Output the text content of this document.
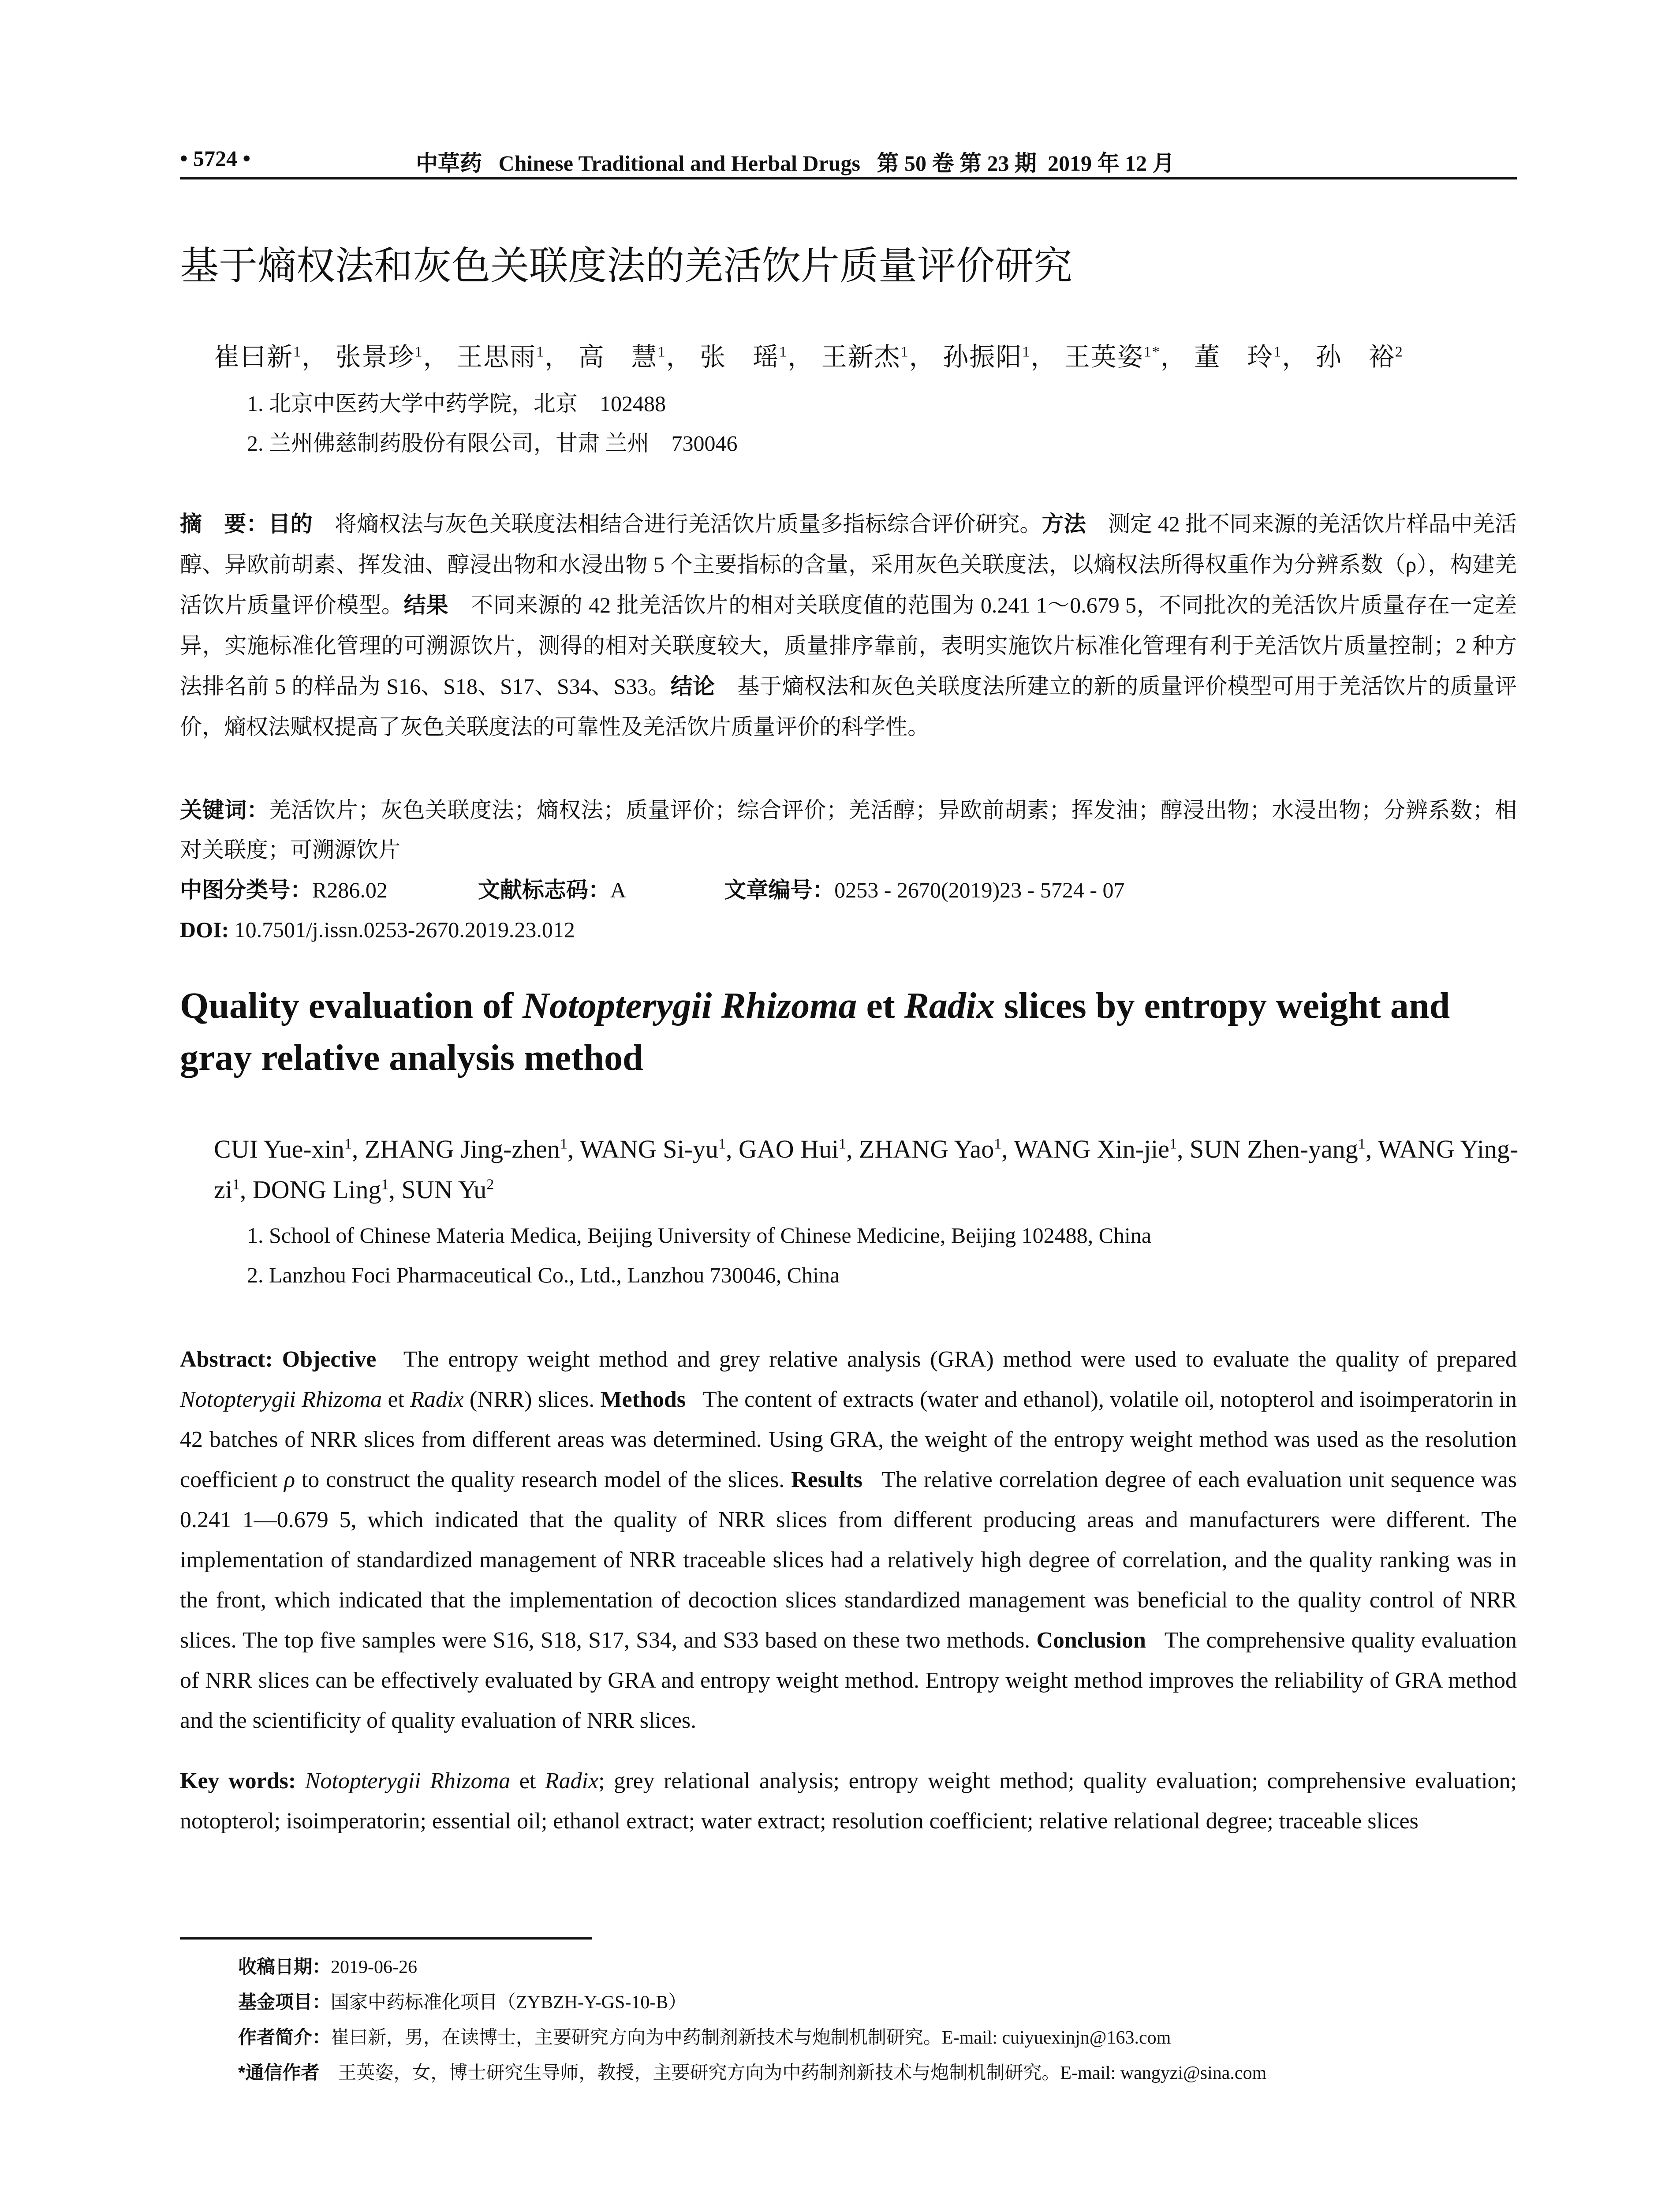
• 5724 •	中草药   Chinese Traditional and Herbal Drugs   第 50 卷 第 23 期  2019 年 12 月
基于熵权法和灰色关联度法的羌活饮片质量评价研究
崔曰新$^1$， 张景珍$^1$， 王思雨$^1$， 高　慧$^1$， 张　瑶$^1$， 王新杰$^1$， 孙振阳$^1$， 王英姿$^{1*}$， 董　玲$^1$， 孙　裕$^2$
1. 北京中医药大学中药学院，北京　102488
2. 兰州佛慈制药股份有限公司，甘肃 兰州　730046
摘　要：目的　将熵权法与灰色关联度法相结合进行羌活饮片质量多指标综合评价研究。方法　测定 42 批不同来源的羌活饮片样品中羌活醇、异欧前胡素、挥发油、醇浸出物和水浸出物 5 个主要指标的含量，采用灰色关联度法，以熵权法所得权重作为分辨系数（ρ），构建羌活饮片质量评价模型。结果　不同来源的 42 批羌活饮片的相对关联度值的范围为 0.241 1～0.679 5，不同批次的羌活饮片质量存在一定差异，实施标准化管理的可溯源饮片，测得的相对关联度较大，质量排序靠前，表明实施饮片标准化管理有利于羌活饮片质量控制；2 种方法排名前 5 的样品为 S16、S18、S17、S34、S33。结论　基于熵权法和灰色关联度法所建立的新的质量评价模型可用于羌活饮片的质量评价，熵权法赋权提高了灰色关联度法的可靠性及羌活饮片质量评价的科学性。
关键词：羌活饮片；灰色关联度法；熵权法；质量评价；综合评价；羌活醇；异欧前胡素；挥发油；醇浸出物；水浸出物；分辨系数；相对关联度；可溯源饮片
中图分类号：R286.02	文献标志码：A	文章编号：0253 - 2670(2019)23 - 5724 - 07
DOI: 10.7501/j.issn.0253-2670.2019.23.012
Quality evaluation of Notopterygii Rhizoma et Radix slices by entropy weight and gray relative analysis method
CUI Yue-xin$^1$, ZHANG Jing-zhen$^1$, WANG $Si-yu^1$, GAO Hui$^1$, ZHANG Yao$^1$, WANG Xin-jie$^1$, SUN Zhen-yang$^1$, WANG Ying-$zi^1$, DONG Ling$^1$, SUN Yu$^2$
1. School of Chinese Materia Medica, Beijing University of Chinese Medicine, Beijing 102488, China
2. Lanzhou Foci Pharmaceutical Co., Ltd., Lanzhou 730046, China
Abstract: Objective   The entropy weight method and grey relative analysis (GRA) method were used to evaluate the quality of prepared Notopterygii Rhizoma et Radix (NRR) slices. Methods   The content of extracts (water and ethanol), volatile oil, notopterol and isoimperatorin in 42 batches of NRR slices from different areas was determined. Using GRA, the weight of the entropy weight method was used as the resolution coefficient ρ to construct the quality research model of the slices. Results   The relative correlation degree of each evaluation unit sequence was 0.241 1—0.679 5, which indicated that the quality of NRR slices from different producing areas and manufacturers were different. The implementation of standardized management of NRR traceable slices had a relatively high degree of correlation, and the quality ranking was in the front, which indicated that the implementation of decoction slices standardized management was beneficial to the quality control of NRR slices. The top five samples were S16, S18, S17, S34, and S33 based on these two methods. Conclusion   The comprehensive quality evaluation of NRR slices can be effectively evaluated by GRA and entropy weight method. Entropy weight method improves the reliability of GRA method and the scientificity of quality evaluation of NRR slices.
Key words: Notopterygii Rhizoma et Radix; grey relational analysis; entropy weight method; quality evaluation; comprehensive evaluation; notopterol; isoimperatorin; essential oil; ethanol extract; water extract; resolution coefficient; relative relational degree; traceable slices
收稿日期：2019-06-26
基金项目：国家中药标准化项目（ZYBZH-Y-GS-10-B）
作者简介：崔曰新，男，在读博士，主要研究方向为中药制剂新技术与炮制机制研究。E-mail: cuiyuexinjn@163.com
*通信作者　王英姿，女，博士研究生导师，教授，主要研究方向为中药制剂新技术与炮制机制研究。E-mail: wangyzi@sina.com
